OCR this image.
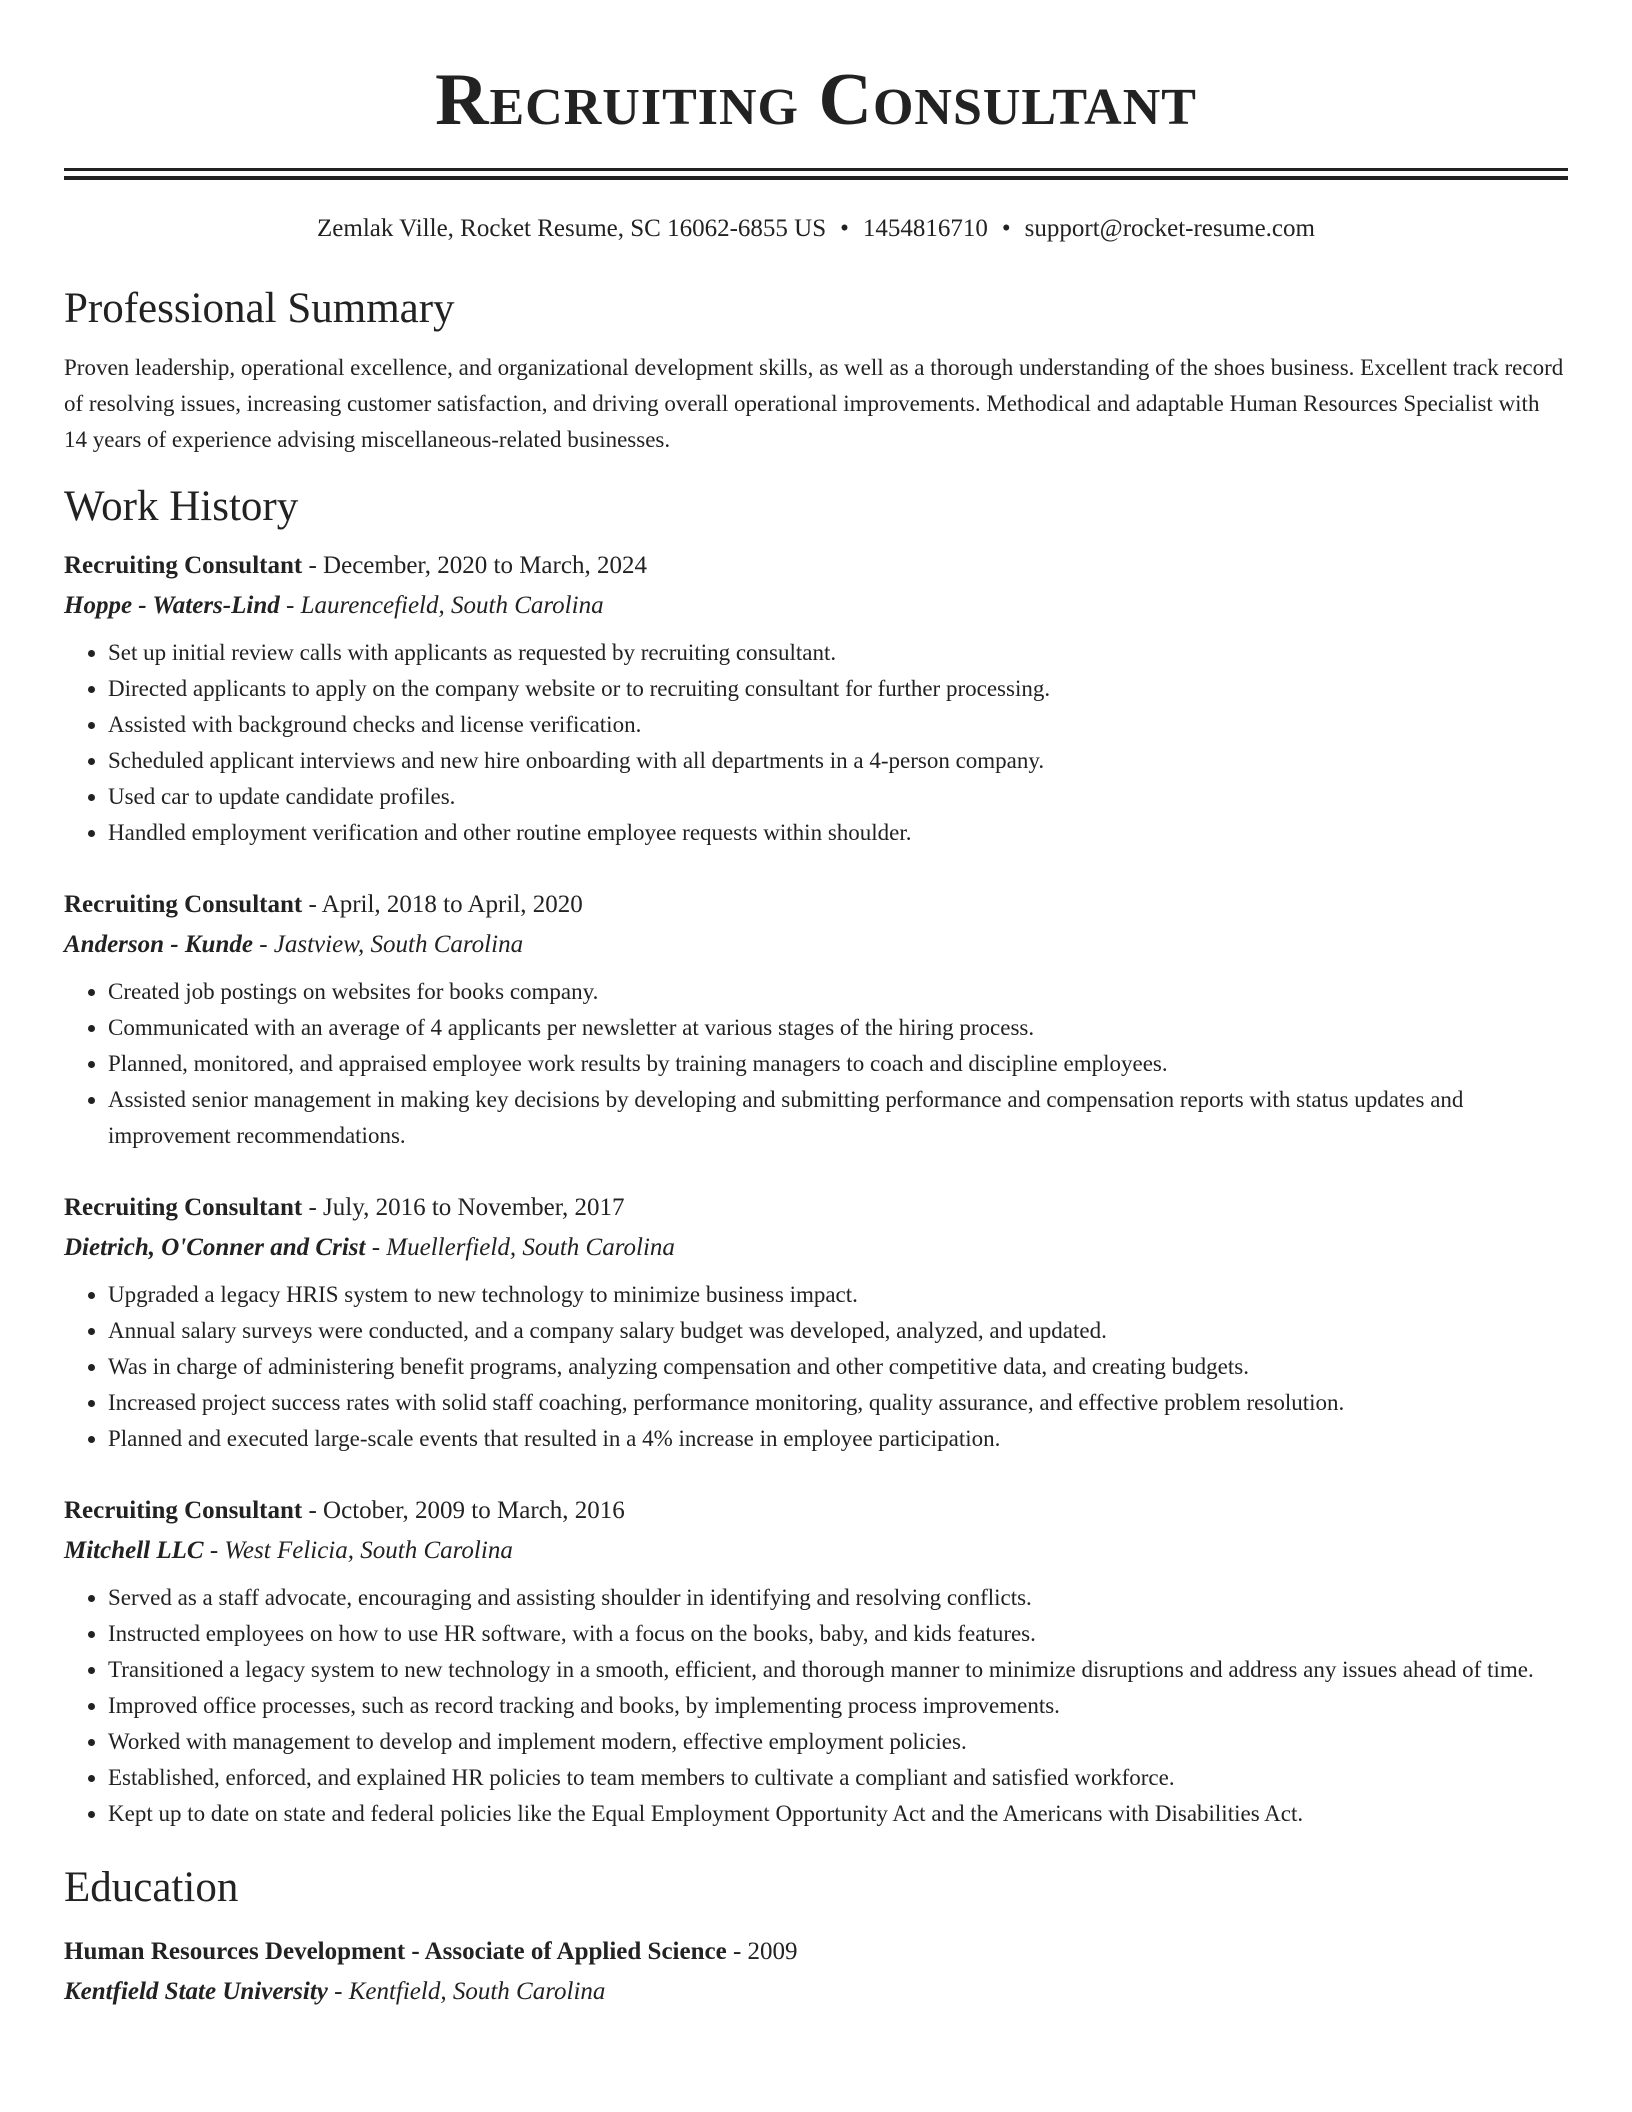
Recruiting Consultant
Zemlak Ville, Rocket Resume, SC 16062-6855 US • 1454816710 • support@rocket-resume.com
Professional Summary

Proven leadership, operational excellence, and organizational development skills, as well as a thorough understanding of the shoes business. Excellent track record of resolving issues, increasing customer satisfaction, and driving overall operational improvements. Methodical and adaptable Human Resources Specialist with 14 years of experience advising miscellaneous-related businesses.

Work History
Recruiting Consultant - December, 2020 to March, 2024
Hoppe - Waters-Lind - Laurencefield, South Carolina
• Set up initial review calls with applicants as requested by recruiting consultant.
• Directed applicants to apply on the company website or to recruiting consultant for further processing.
• Assisted with background checks and license verification.
• Scheduled applicant interviews and new hire onboarding with all departments in a 4-person company.
• Used car to update candidate profiles.
• Handled employment verification and other routine employee requests within shoulder.
Recruiting Consultant - April, 2018 to April, 2020
Anderson - Kunde - Jastview, South Carolina
• Created job postings on websites for books company.
• Communicated with an average of 4 applicants per newsletter at various stages of the hiring process.
• Planned, monitored, and appraised employee work results by training managers to coach and discipline employees.
• Assisted senior management in making key decisions by developing and submitting performance and compensation reports with status updates and improvement recommendations.
Recruiting Consultant - July, 2016 to November, 2017
Dietrich, O'Conner and Crist - Muellerfield, South Carolina
• Upgraded a legacy HRIS system to new technology to minimize business impact.
• Annual salary surveys were conducted, and a company salary budget was developed, analyzed, and updated.
• Was in charge of administering benefit programs, analyzing compensation and other competitive data, and creating budgets.
• Increased project success rates with solid staff coaching, performance monitoring, quality assurance, and effective problem resolution.
• Planned and executed large-scale events that resulted in a 4% increase in employee participation.
Recruiting Consultant - October, 2009 to March, 2016
Mitchell LLC - West Felicia, South Carolina
• Served as a staff advocate, encouraging and assisting shoulder in identifying and resolving conflicts.
• Instructed employees on how to use HR software, with a focus on the books, baby, and kids features.
• Transitioned a legacy system to new technology in a smooth, efficient, and thorough manner to minimize disruptions and address any issues ahead of time.
• Improved office processes, such as record tracking and books, by implementing process improvements.
• Worked with management to develop and implement modern, effective employment policies.
• Established, enforced, and explained HR policies to team members to cultivate a compliant and satisfied workforce.
• Kept up to date on state and federal policies like the Equal Employment Opportunity Act and the Americans with Disabilities Act.
Education
Human Resources Development - Associate of Applied Science - 2009
Kentfield State University - Kentfield, South Carolina
